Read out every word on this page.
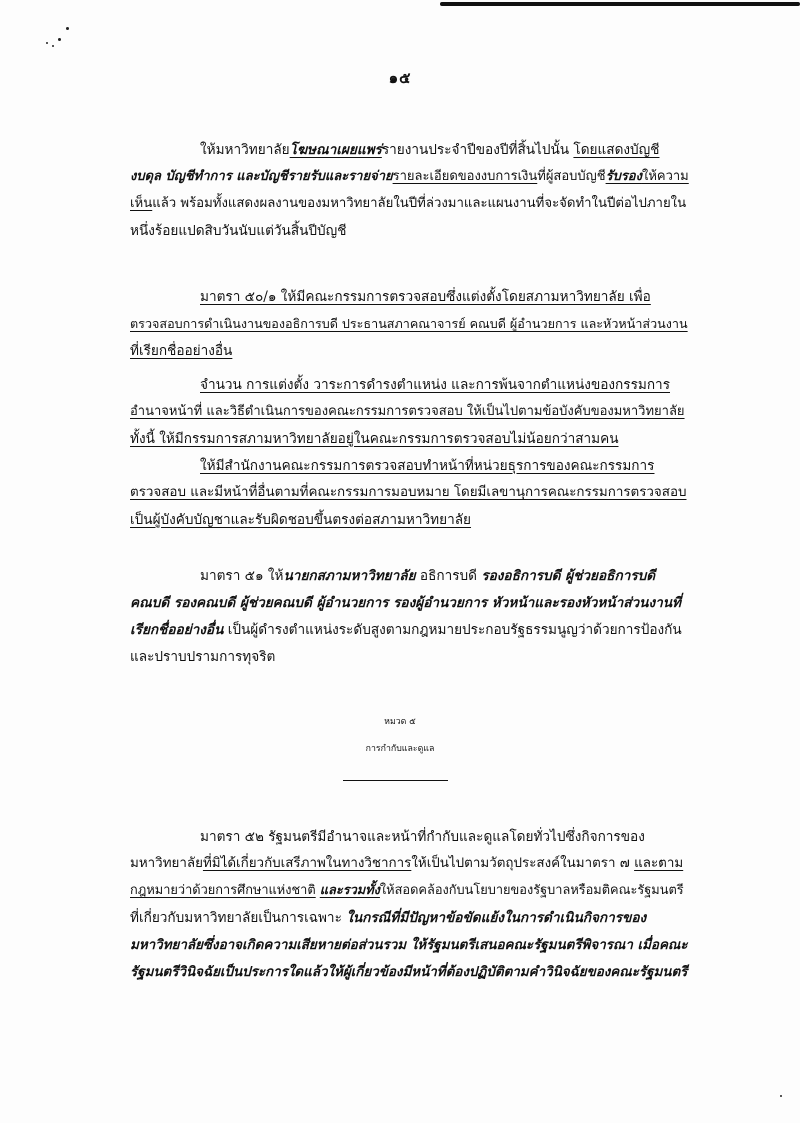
๑๕
ให้มหาวิทยาลัยโฆษณาเผยแพร่รายงานประจำปีของปีที่สิ้นไปนั้น โดยแสดงบัญชี
งบดุล บัญชีทำการ และบัญชีรายรับและรายจ่ายรายละเอียดของงบการเงินที่ผู้สอบบัญชีรับรองให้ความ
เห็นแล้ว พร้อมทั้งแสดงผลงานของมหาวิทยาลัยในปีที่ล่วงมาและแผนงานที่จะจัดทำในปีต่อไปภายใน
หนึ่งร้อยแปดสิบวันนับแต่วันสิ้นปีบัญชี
มาตรา ๕๐/๑ ให้มีคณะกรรมการตรวจสอบซึ่งแต่งตั้งโดยสภามหาวิทยาลัย เพื่อ
ตรวจสอบการดำเนินงานของอธิการบดี ประธานสภาคณาจารย์ คณบดี ผู้อำนวยการ และหัวหน้าส่วนงาน
ที่เรียกชื่ออย่างอื่น
จำนวน การแต่งตั้ง วาระการดำรงตำแหน่ง และการพ้นจากตำแหน่งของกรรมการ
อำนาจหน้าที่ และวิธีดำเนินการของคณะกรรมการตรวจสอบ ให้เป็นไปตามข้อบังคับของมหาวิทยาลัย
ทั้งนี้ ให้มีกรรมการสภามหาวิทยาลัยอยู่ในคณะกรรมการตรวจสอบไม่น้อยกว่าสามคน
ให้มีสำนักงานคณะกรรมการตรวจสอบทำหน้าที่หน่วยธุรการของคณะกรรมการ
ตรวจสอบ และมีหน้าที่อื่นตามที่คณะกรรมการมอบหมาย โดยมีเลขานุการคณะกรรมการตรวจสอบ
เป็นผู้บังคับบัญชาและรับผิดชอบขึ้นตรงต่อสภามหาวิทยาลัย
มาตรา ๕๑ ให้นายกสภามหาวิทยาลัย อธิการบดี รองอธิการบดี ผู้ช่วยอธิการบดี
คณบดี รองคณบดี ผู้ช่วยคณบดี ผู้อำนวยการ รองผู้อำนวยการ หัวหน้าและรองหัวหน้าส่วนงานที่
เรียกชื่ออย่างอื่น เป็นผู้ดำรงตำแหน่งระดับสูงตามกฎหมายประกอบรัฐธรรมนูญว่าด้วยการป้องกัน
และปราบปรามการทุจริต
หมวด ๕
การกำกับและดูแล
มาตรา ๕๒ รัฐมนตรีมีอำนาจและหน้าที่กำกับและดูแลโดยทั่วไปซึ่งกิจการของ
มหาวิทยาลัยที่มิได้เกี่ยวกับเสรีภาพในทางวิชาการให้เป็นไปตามวัตถุประสงค์ในมาตรา ๗ และตาม
กฎหมายว่าด้วยการศึกษาแห่งชาติ และรวมทั้งให้สอดคล้องกับนโยบายของรัฐบาลหรือมติคณะรัฐมนตรี
ที่เกี่ยวกับมหาวิทยาลัยเป็นการเฉพาะ ในกรณีที่มีปัญหาข้อขัดแย้งในการดำเนินกิจการของ
มหาวิทยาลัยซึ่งอาจเกิดความเสียหายต่อส่วนรวม ให้รัฐมนตรีเสนอคณะรัฐมนตรีพิจารณา เมื่อคณะ
รัฐมนตรีวินิจฉัยเป็นประการใดแล้วให้ผู้เกี่ยวข้องมีหน้าที่ต้องปฏิบัติตามคำวินิจฉัยของคณะรัฐมนตรี
